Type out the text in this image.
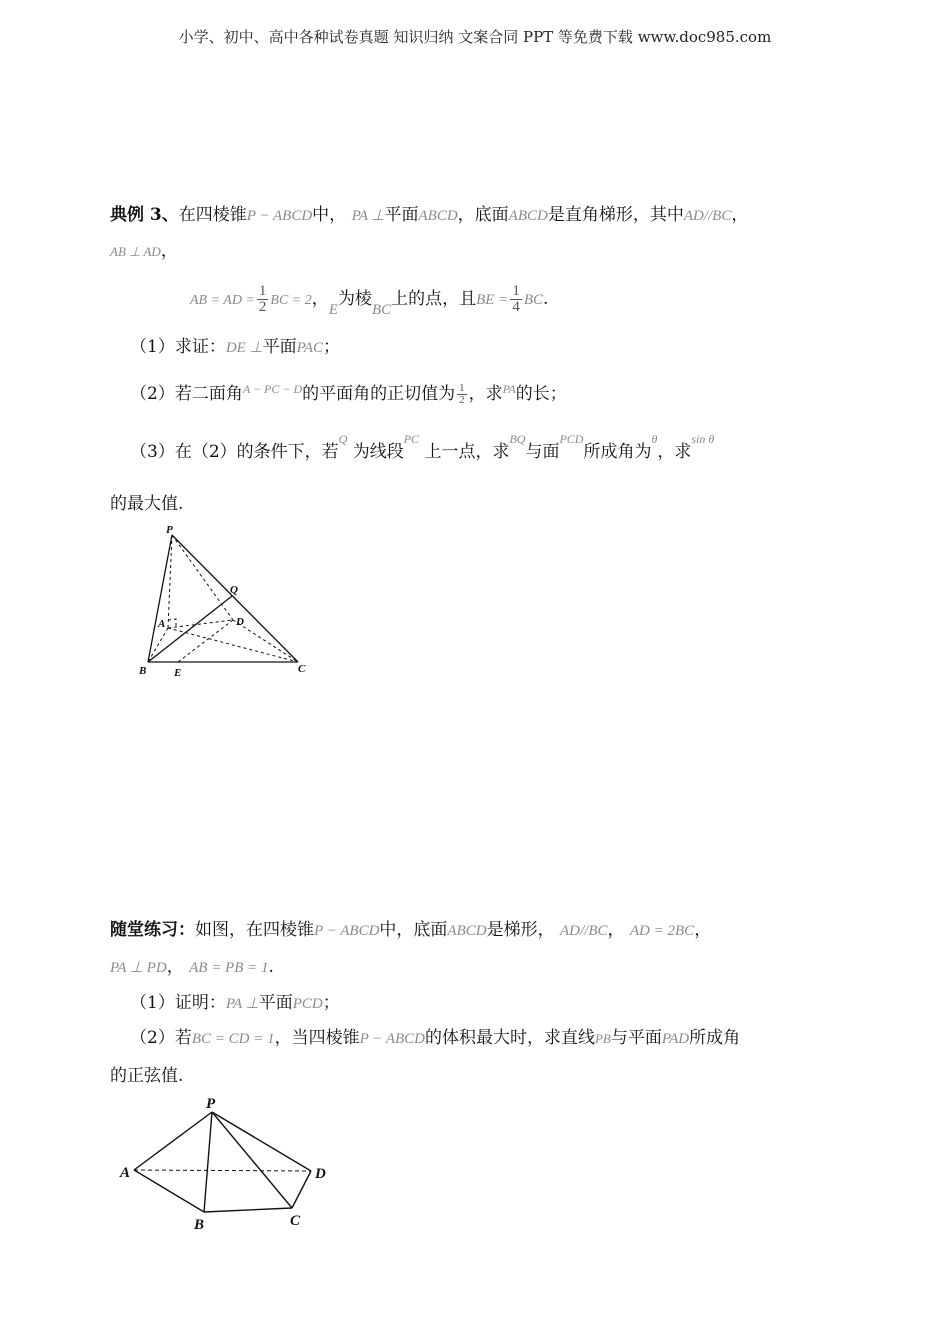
小学、初中、高中各种试卷真题 知识归纳 文案合同 PPT 等免费下载 www.doc985.com
典例 3、在四棱锥P − ABCD中， PA ⊥平面ABCD，底面ABCD是直角梯形，其中AD//BC，
AB ⊥ AD，
AB = AD = $\frac{1}{2}$ BC = 2，E为棱BC上的点，且BE = $\frac{1}{4}$ BC.
（1）求证：DE ⊥平面PAC；
（2）若二面角$^{A - PC - D}$的平面角的正切值为 $\frac{1}{2}$ ，求$^{PA}$的长；
（3）在（2）的条件下，若$^Q$ 为线段$^{PC}$ 上一点，求$^{BQ}$与面$^{PCD}$所成角为$^\theta$，求$^{sin \theta}$
的最大值.
P
Q
A	D
B	E	C
随堂练习：如图，在四棱锥P − ABCD中，底面ABCD是梯形， AD//BC， AD = 2BC，
PA ⊥ PD， AB = PB = 1.
（1）证明：PA ⊥平面PCD；
（2）若BC = CD = 1，当四棱锥P − ABCD的体积最大时，求直线PB与平面PAD所成角
的正弦值.
P
A	D
B	C
